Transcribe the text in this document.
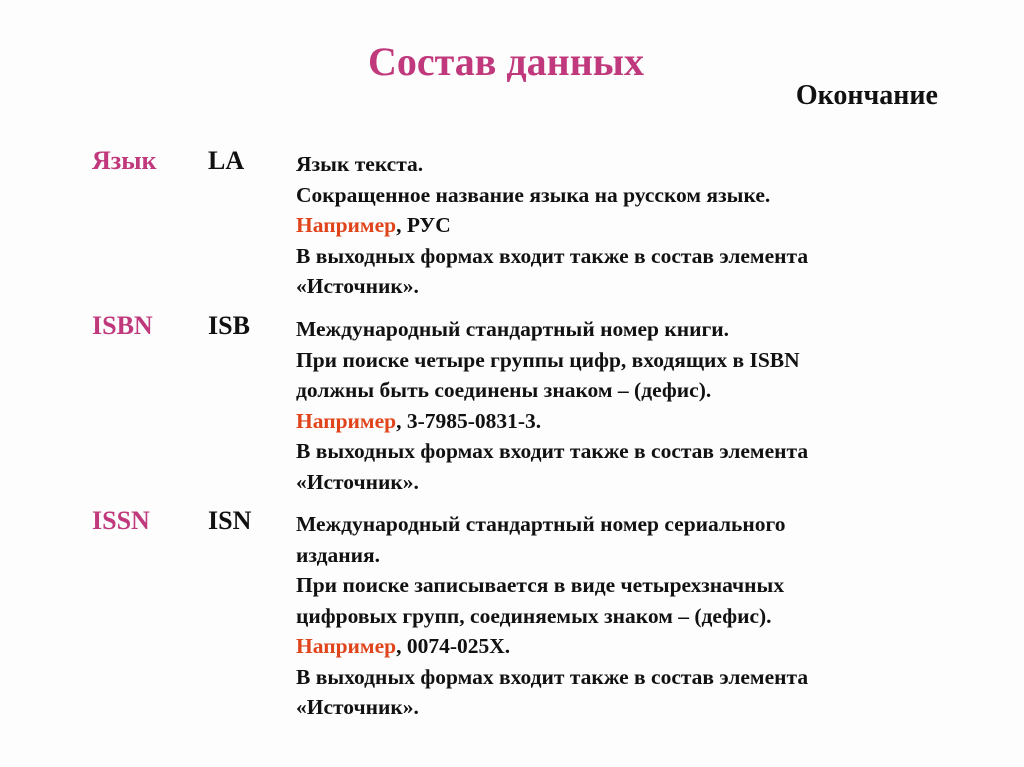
Состав данных
Окончание
Язык LA Язык текста.
Сокращенное название языка на русском языке.
Например, РУС
В выходных формах входит также в состав элемента
«Источник».
ISBN ISB Международный стандартный номер книги.
При поиске четыре группы цифр, входящих в ISBN
должны быть соединены знаком – (дефис).
Например, 3-7985-0831-3.
В выходных формах входит также в состав элемента
«Источник».
ISSN ISN Международный стандартный номер сериального
издания.
При поиске записывается в виде четырехзначных
цифровых групп, соединяемых знаком – (дефис).
Например, 0074-025X.
В выходных формах входит также в состав элемента
«Источник».
